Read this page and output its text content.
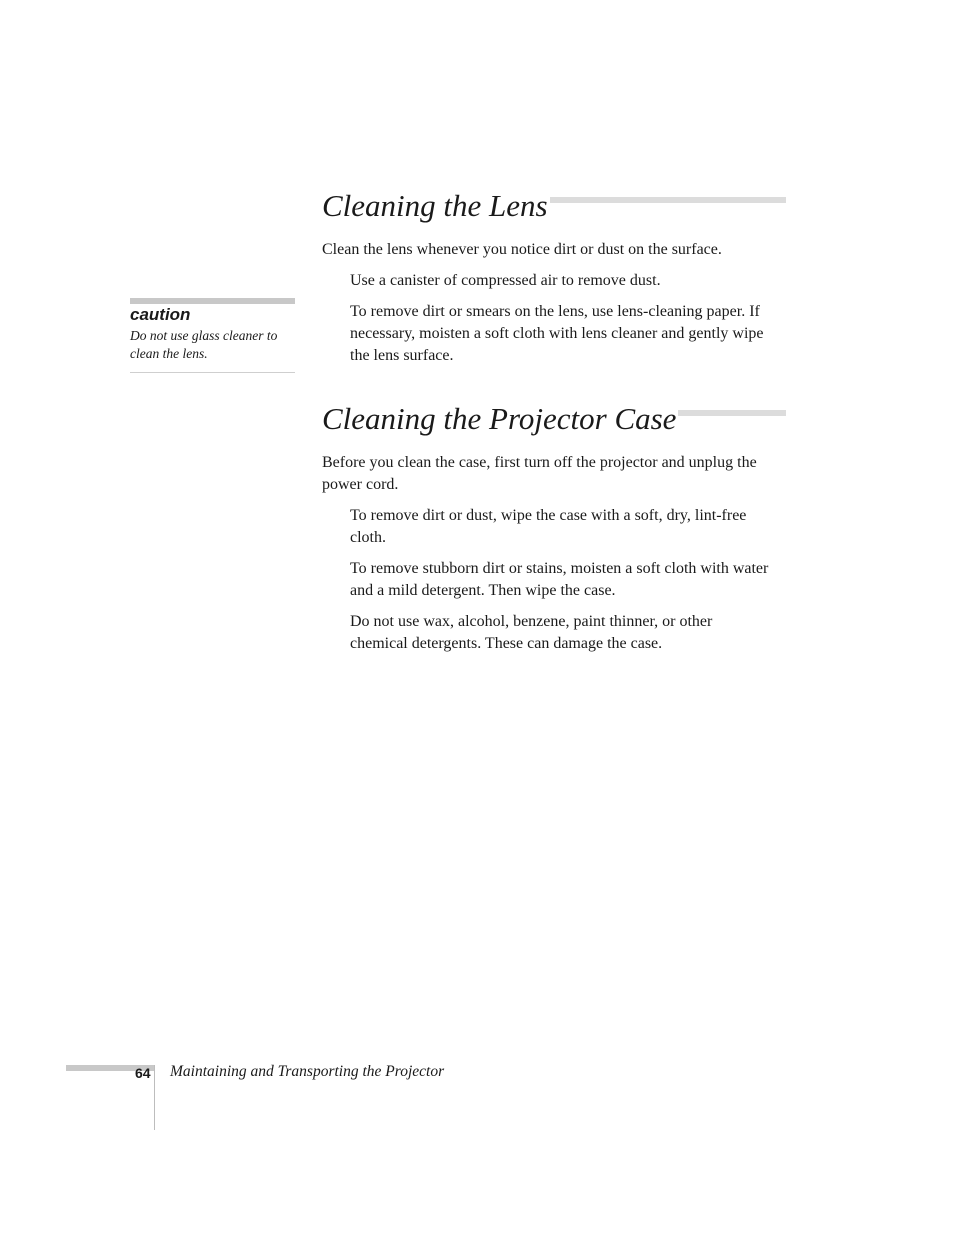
Cleaning the Lens

Clean the lens whenever you notice dirt or dust on the surface.

Use a canister of compressed air to remove dust.

To remove dirt or smears on the lens, use lens-cleaning paper. If necessary, moisten a soft cloth with lens cleaner and gently wipe the lens surface.

caution

Do not use glass cleaner to clean the lens.

Cleaning the Projector Case

Before you clean the case, first turn off the projector and unplug the power cord.

To remove dirt or dust, wipe the case with a soft, dry, lint-free cloth.

To remove stubborn dirt or stains, moisten a soft cloth with water and a mild detergent. Then wipe the case.

Do not use wax, alcohol, benzene, paint thinner, or other chemical detergents. These can damage the case.

64 Maintaining and Transporting the Projector
